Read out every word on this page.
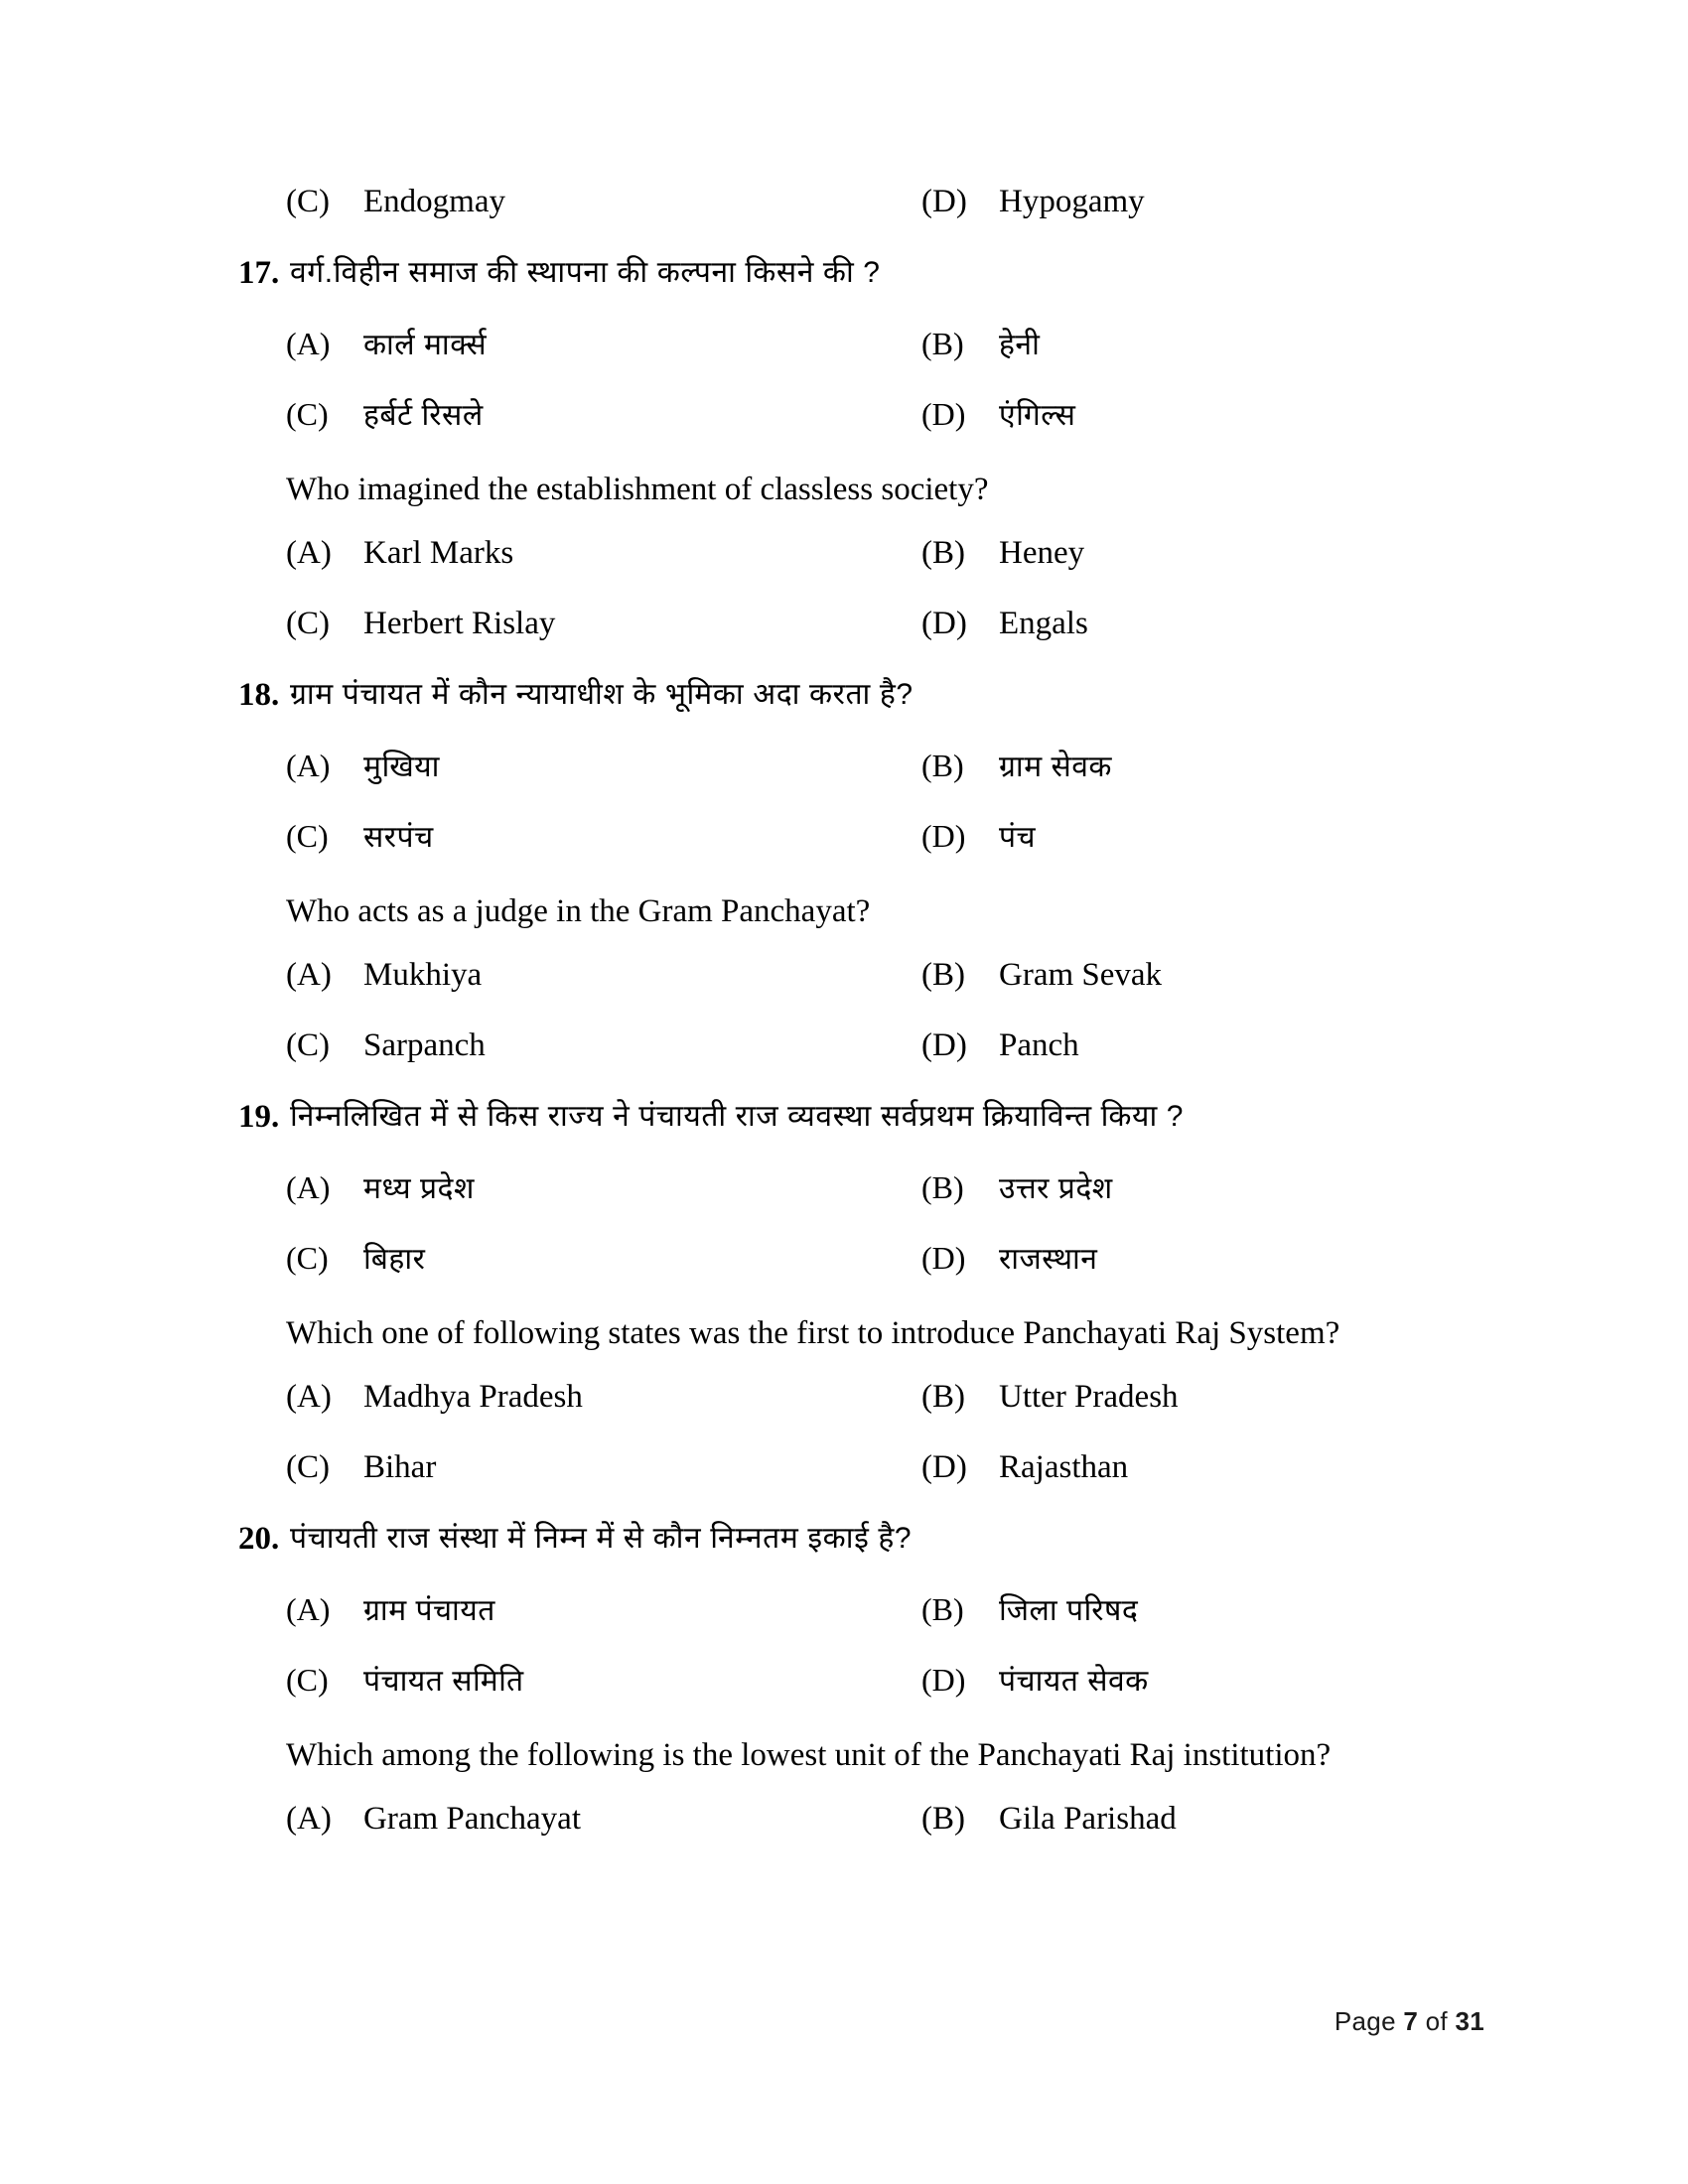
(C)	Endogmay	(D) Hypogamy
17. वर्ग.विहीन समाज की स्थापना की कल्पना किसने की ?
(A)	कार्ल मार्क्स	(B)	हेनी
(C)	हर्बर्ट रिसले	(D)	एंगिल्स
Who imagined the establishment of classless society?
(A) Karl Marks	(B)	Heney
(C)	Herbert Rislay	(D) Engals
18. ग्राम पंचायत में कौन न्यायाधीश के भूमिका अदा करता है?
(A)	मुखिया	(B)	ग्राम सेवक
(C)	सरपंच	(D)	पंच
Who acts as a judge in the Gram Panchayat?
(A) Mukhiya	(B)	Gram Sevak
(C)	Sarpanch	(D) Panch
19. निम्नलिखित में से किस राज्य ने पंचायती राज व्यवस्था सर्वप्रथम क्रियाविन्त किया ?
(A)	मध्य प्रदेश	(B)	उत्तर प्रदेश
(C)	बिहार	(D)	राजस्थान
Which one of following states was the first to introduce Panchayati Raj System?
(A) Madhya Pradesh	(B)	Utter Pradesh
(C)	Bihar	(D) Rajasthan
20. पंचायती राज संस्था में निम्न में से कौन निम्नतम इकाई है?
(A)	ग्राम पंचायत	(B)	जिला परिषद
(C)	पंचायत समिति	(D)	पंचायत सेवक
Which among the following is the lowest unit of the Panchayati Raj institution?
(A) Gram Panchayat	(B)	Gila Parishad
Page 7 of 31
